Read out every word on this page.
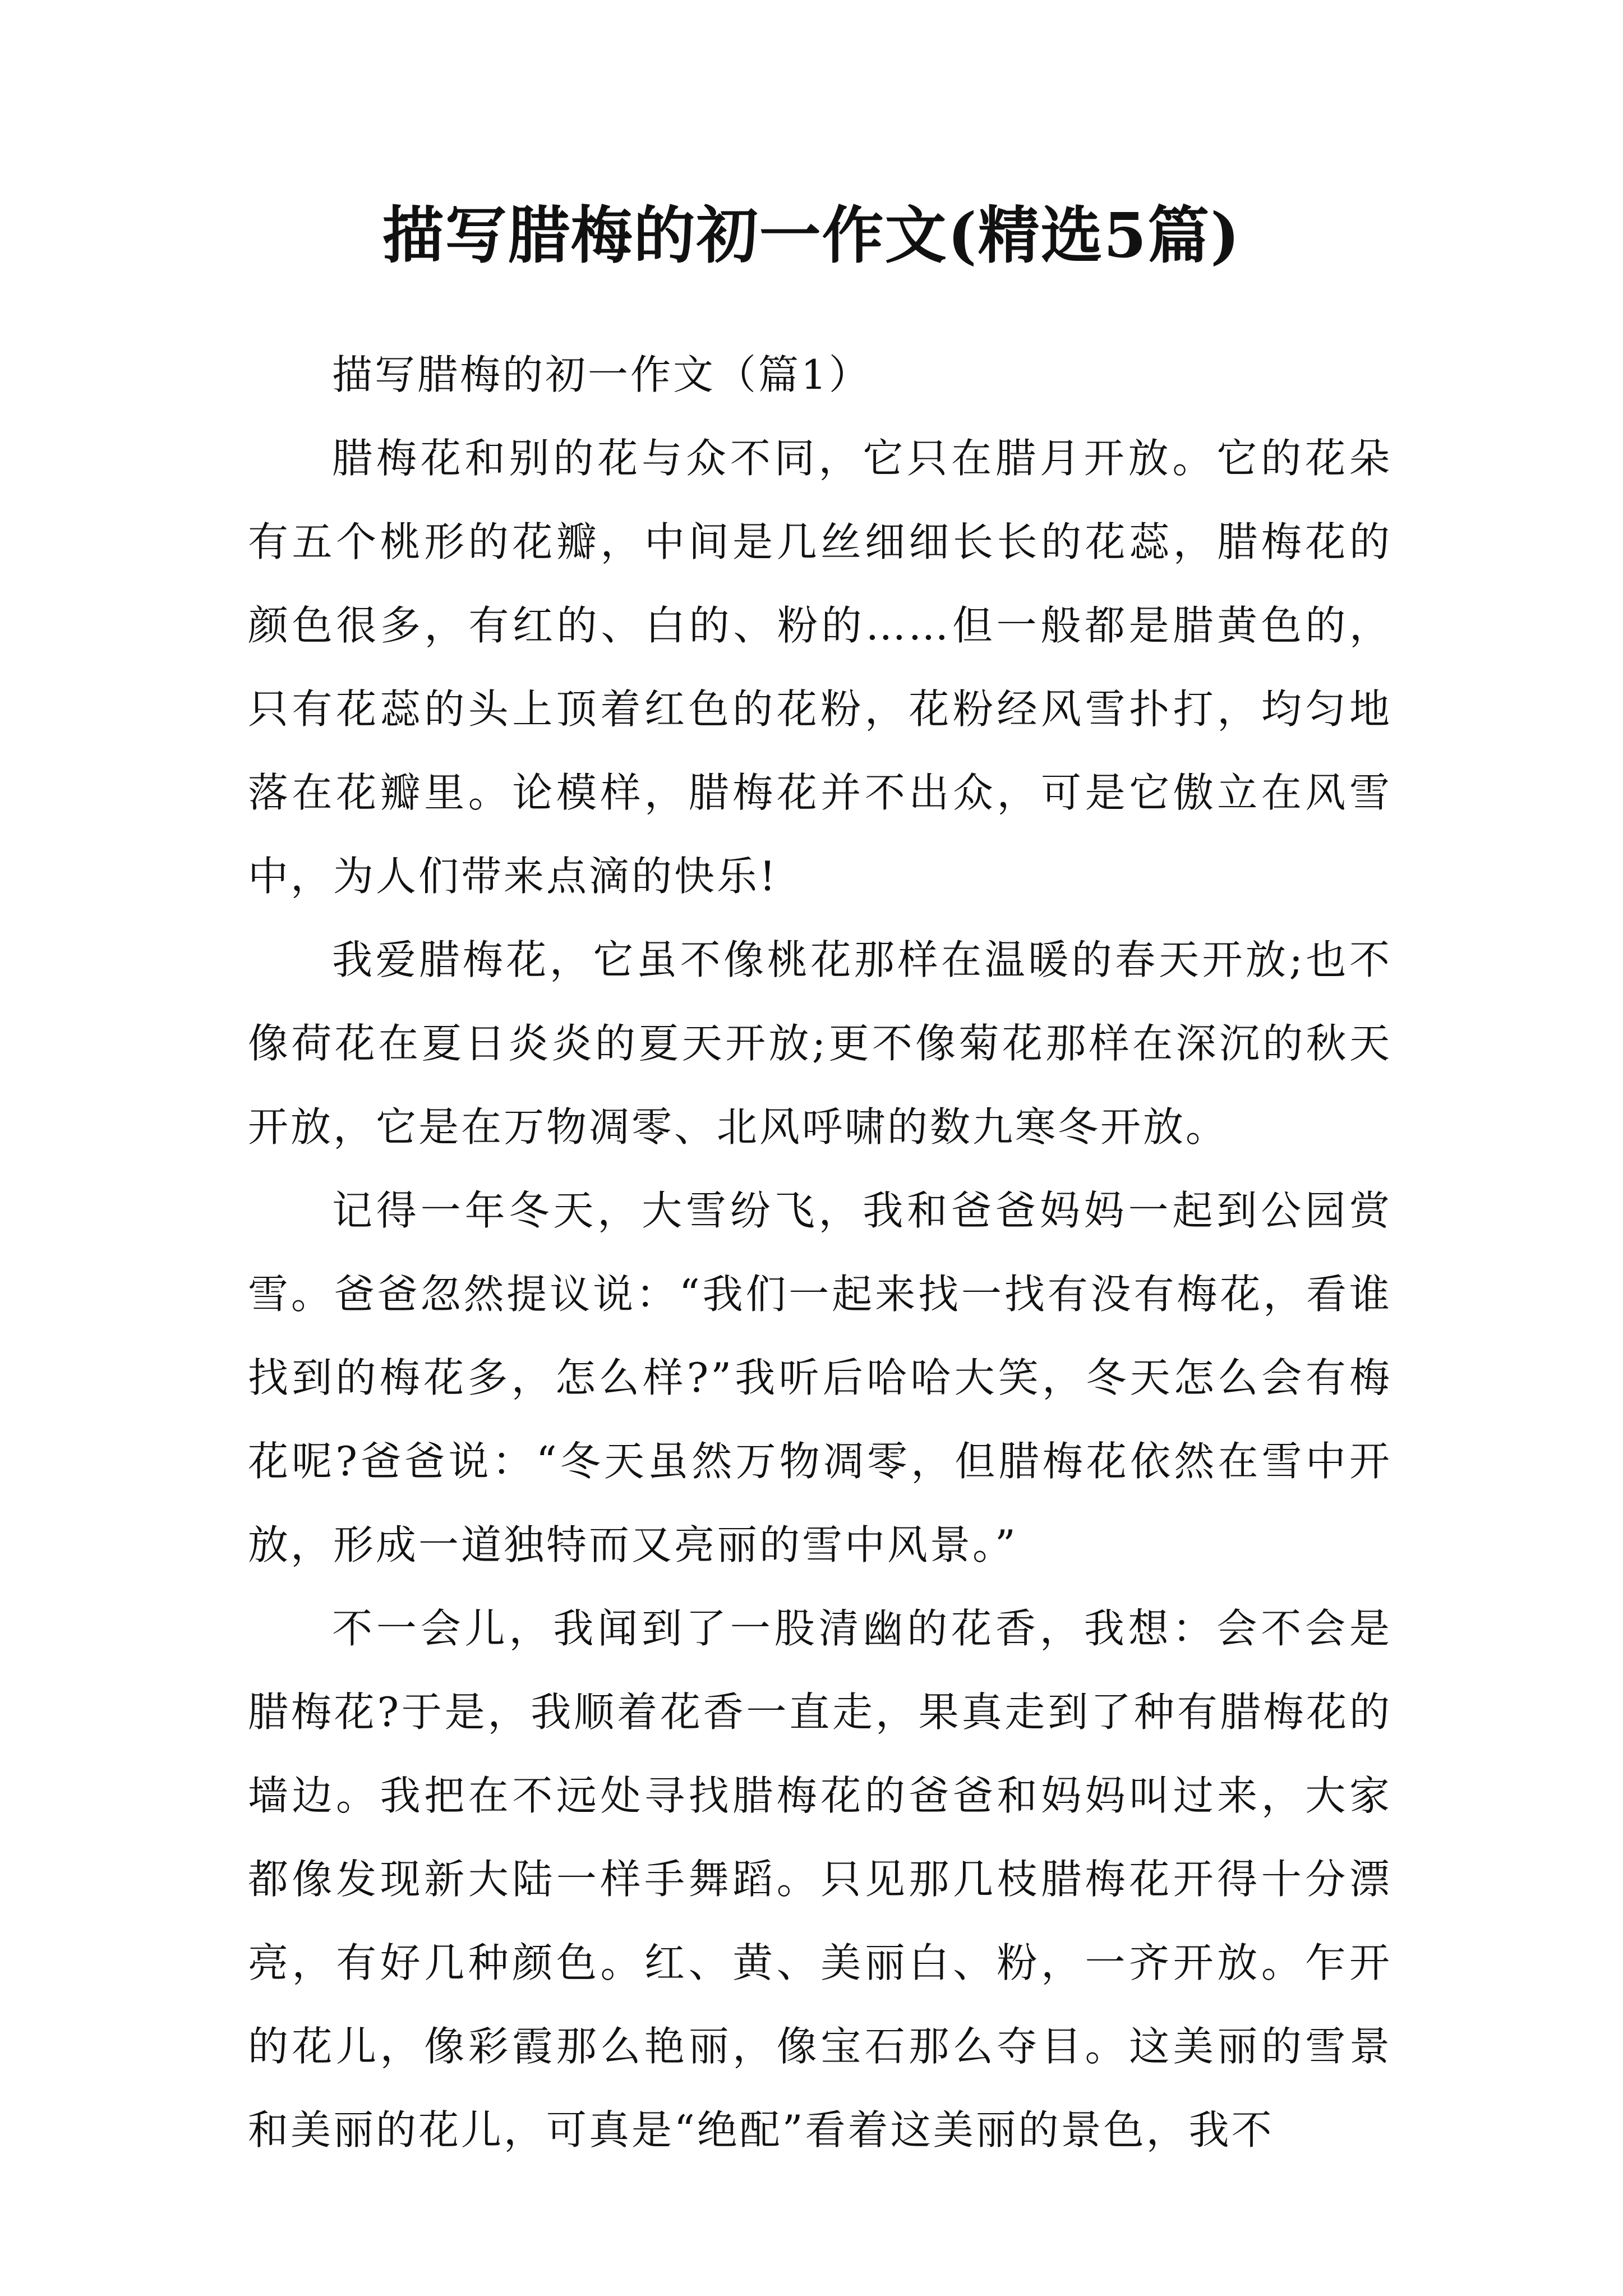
描写腊梅的初一作文(精选5篇)

描写腊梅的初一作文（篇1）

腊梅花和别的花与众不同，它只在腊月开放。它的花朵有五个桃形的花瓣，中间是几丝细细长长的花蕊，腊梅花的颜色很多，有红的、白的、粉的……但一般都是腊黄色的，只有花蕊的头上顶着红色的花粉，花粉经风雪扑打，均匀地落在花瓣里。论模样，腊梅花并不出众，可是它傲立在风雪中，为人们带来点滴的快乐!

我爱腊梅花，它虽不像桃花那样在温暖的春天开放;也不像荷花在夏日炎炎的夏天开放;更不像菊花那样在深沉的秋天开放，它是在万物凋零、北风呼啸的数九寒冬开放。

记得一年冬天，大雪纷飞，我和爸爸妈妈一起到公园赏雪。爸爸忽然提议说：“我们一起来找一找有没有梅花，看谁找到的梅花多，怎么样?”我听后哈哈大笑，冬天怎么会有梅花呢?爸爸说：“冬天虽然万物凋零，但腊梅花依然在雪中开放，形成一道独特而又亮丽的雪中风景。”

不一会儿，我闻到了一股清幽的花香，我想：会不会是腊梅花?于是，我顺着花香一直走，果真走到了种有腊梅花的墙边。我把在不远处寻找腊梅花的爸爸和妈妈叫过来，大家都像发现新大陆一样手舞蹈。只见那几枝腊梅花开得十分漂亮，有好几种颜色。红、黄、美丽白、粉，一齐开放。乍开的花儿，像彩霞那么艳丽，像宝石那么夺目。这美丽的雪景和美丽的花儿，可真是“绝配”看着这美丽的景色，我不
